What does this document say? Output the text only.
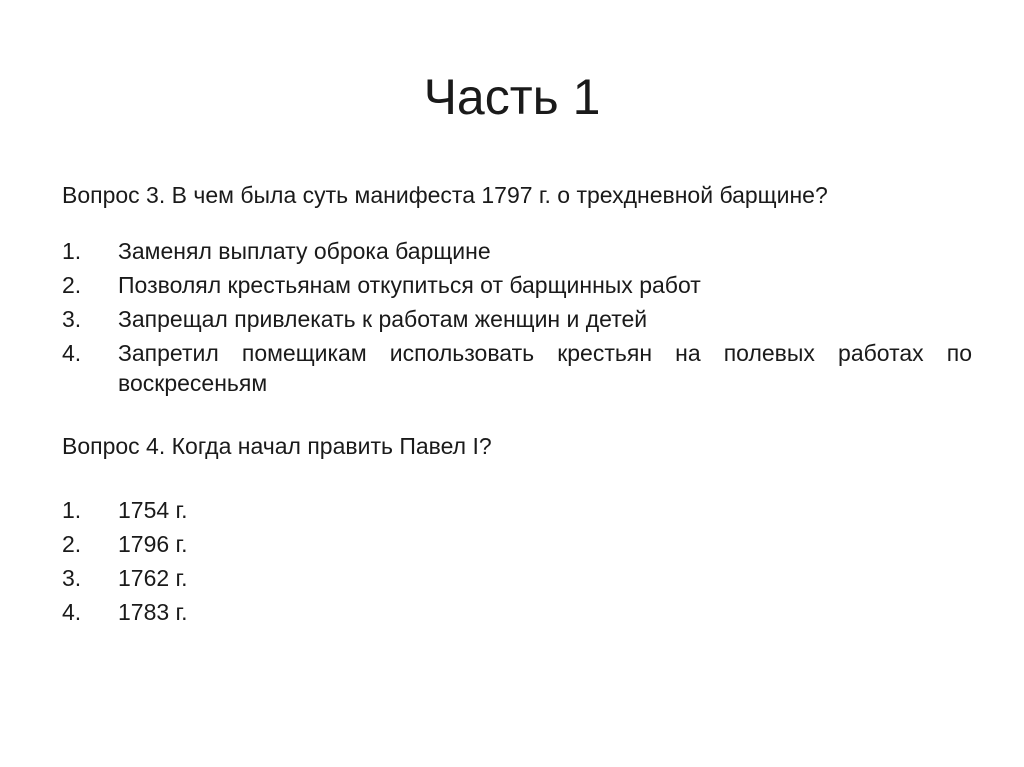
Часть 1

Вопрос 3. В чем была суть манифеста 1797 г. о трехдневной барщине?

1.	Заменял выплату оброка барщине
2.	Позволял крестьянам откупиться от барщинных работ
3.	Запрещал привлекать к работам женщин и детей
4.	Запретил помещикам использовать крестьян на полевых работах по воскресеньям

Вопрос 4. Когда начал править Павел I?

1.	1754 г.
2.	1796 г.
3.	1762 г.
4.	1783 г.
